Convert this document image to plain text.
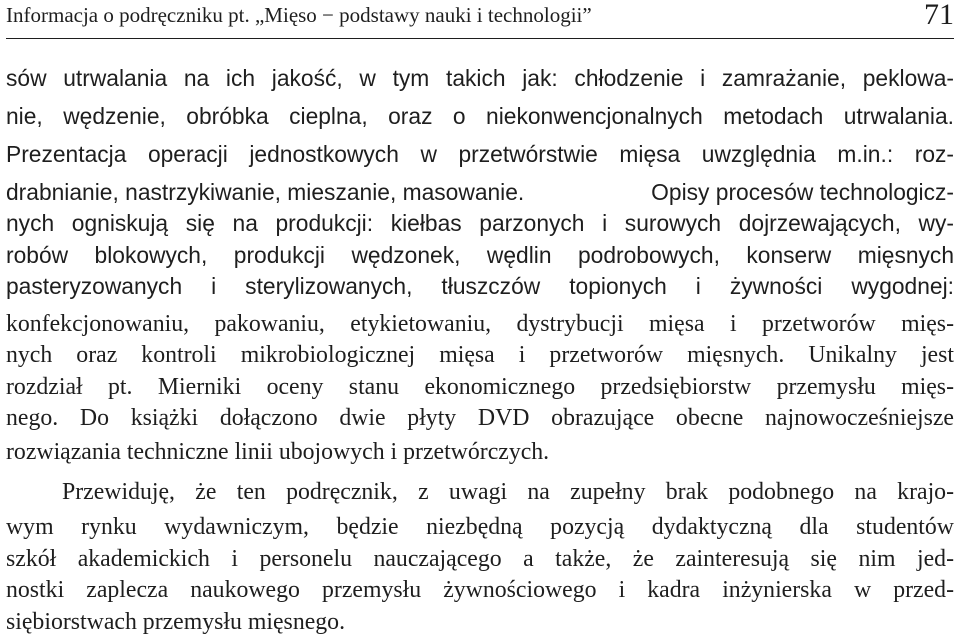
Informacja o podręczniku pt. „Mięso − podstawy nauki i technologii”	71
sów utrwalania na ich jakość, w tym takich jak: chłodzenie i zamrażanie, peklowa-
nie, wędzenie, obróbka cieplna, oraz o niekonwencjonalnych metodach utrwalania.
Prezentacja operacji jednostkowych w przetwórstwie mięsa uwzględnia m.in.: roz-
drabnianie, nastrzykiwanie, mieszanie, masowanie.	Opisy procesów technologicz-
nych ogniskują się na produkcji: kiełbas parzonych i surowych dojrzewających, wy-
robów blokowych, produkcji wędzonek, wędlin podrobowych, konserw mięsnych
pasteryzowanych i sterylizowanych, tłuszczów topionych i żywności wygodnej:
konfekcjonowaniu, pakowaniu, etykietowaniu, dystrybucji mięsa i przetworów mięs-
nych oraz kontroli mikrobiologicznej mięsa i przetworów mięsnych. Unikalny jest
rozdział pt. Mierniki oceny stanu ekonomicznego przedsiębiorstw przemysłu mięs-
nego. Do książki dołączono dwie płyty DVD obrazujące obecne najnowocześniejsze
rozwiązania techniczne linii ubojowych i przetwórczych.
Przewiduję, że ten podręcznik, z uwagi na zupełny brak podobnego na krajo-
wym rynku wydawniczym, będzie niezbędną pozycją dydaktyczną dla studentów
szkół akademickich i personelu nauczającego a także, że zainteresują się nim jed-
nostki zaplecza naukowego przemysłu żywnościowego i kadra inżynierska w przed-
siębiorstwach przemysłu mięsnego.
